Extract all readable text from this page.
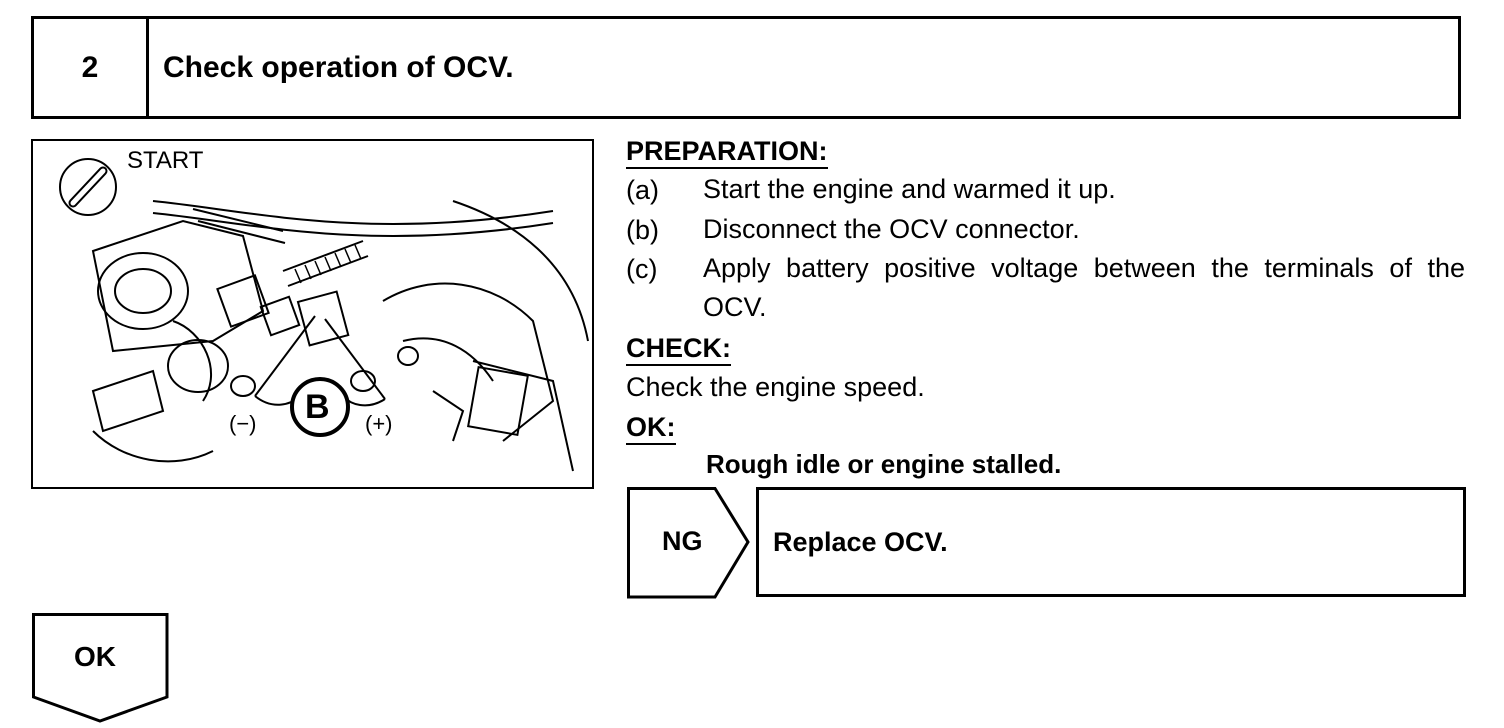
2	Check operation of OCV.
START
B
(−)	(+)
PREPARATION:
(a) Start the engine and warmed it up.
(b) Disconnect the OCV connector.
(c) Apply battery positive voltage between the terminals of the OCV.
CHECK:
Check the engine speed.
OK:
Rough idle or engine stalled.
NG	Replace OCV.
OK
